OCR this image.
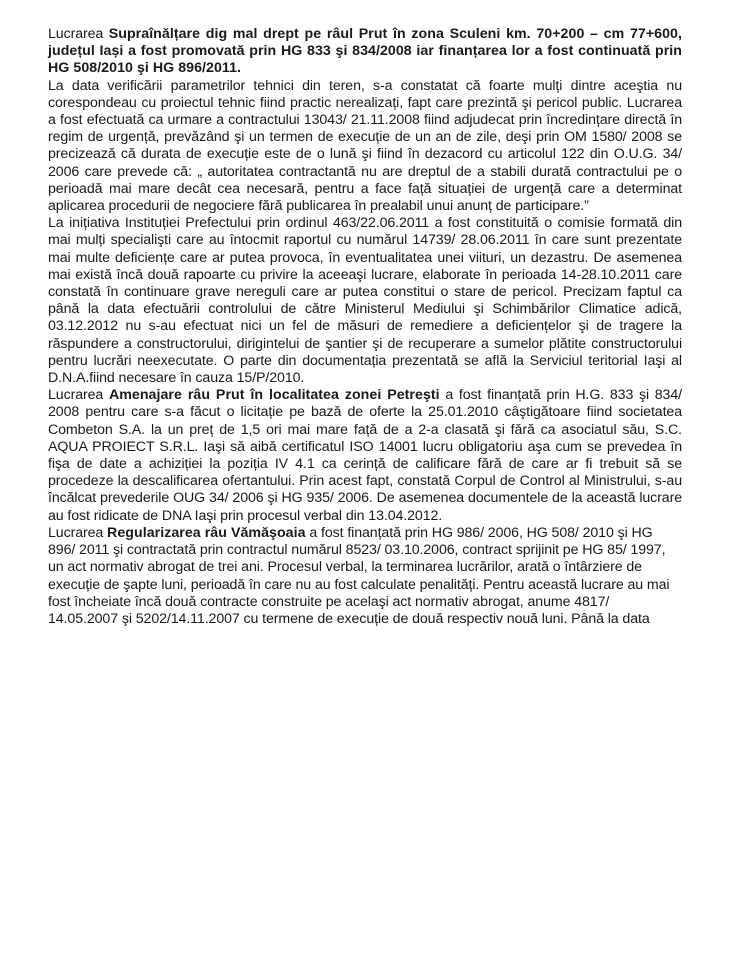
Lucrarea Supraînălțare dig mal drept pe râul Prut în zona Sculeni km. 70+200 – cm 77+600, județul Iași a fost promovată prin HG 833 şi 834/2008 iar finanțarea lor a fost continuată prin HG 508/2010 şi HG 896/2011.

La data verificării parametrilor tehnici din teren, s-a constatat că foarte mulți dintre aceştia nu corespondeau cu proiectul tehnic fiind practic nerealizați, fapt care prezintă şi pericol public. Lucrarea a fost efectuată ca urmare a contractului 13043/ 21.11.2008 fiind adjudecat prin încredințare directă în regim de urgență, prevăzând şi un termen de execuție de un an de zile, deşi prin OM 1580/ 2008 se precizează că durata de execuție este de o lună şi fiind în dezacord cu articolul 122 din O.U.G. 34/ 2006 care prevede că: „ autoritatea contractantă nu are dreptul de a stabili durată contractului pe o perioadă mai mare decât cea necesară, pentru a face față situației de urgență care a determinat aplicarea procedurii de negociere fără publicarea în prealabil unui anunț de participare.”

La inițiativa Instituției Prefectului prin ordinul 463/22.06.2011 a fost constituită o comisie formată din mai mulți specialişti care au întocmit raportul cu numărul 14739/ 28.06.2011 în care sunt prezentate mai multe deficiențe care ar putea provoca, în eventualitatea unei viituri, un dezastru. De asemenea mai există încă două rapoarte cu privire la aceeaşi lucrare, elaborate în perioada 14-28.10.2011 care constată în continuare grave nereguli care ar putea constitui o stare de pericol. Precizam faptul ca până la data efectuării controlului de către Ministerul Mediului şi Schimbărilor Climatice adică, 03.12.2012 nu s-au efectuat nici un fel de măsuri de remediere a deficiențelor şi de tragere la răspundere a constructorului, dirigintelui de şantier şi de recuperare a sumelor plătite constructorului pentru lucrări neexecutate. O parte din documentația prezentată se află la Serviciul teritorial Iaşi al D.N.A.fiind necesare în cauza 15/P/2010.

Lucrarea Amenajare râu Prut în localitatea zonei Petreşti a fost finanțată prin H.G. 833 şi 834/ 2008 pentru care s-a făcut o licitație pe bază de oferte la 25.01.2010 câştigătoare fiind societatea Combeton S.A. la un preț de 1,5 ori mai mare față de a 2-a clasată şi fără ca asociatul său, S.C. AQUA PROIECT S.R.L. Iaşi să aibă certificatul ISO 14001 lucru obligatoriu aşa cum se prevedea în fişa de date a achiziției la poziția IV 4.1 ca cerință de calificare fără de care ar fi trebuit să se procedeze la descalificarea ofertantului. Prin acest fapt, constată Corpul de Control al Ministrului, s-au încălcat prevederile OUG 34/ 2006 şi HG 935/ 2006. De asemenea documentele de la această lucrare au fost ridicate de DNA Iaşi prin procesul verbal din 13.04.2012.

Lucrarea Regularizarea râu Vămăşoaia a fost finanțată prin HG 986/ 2006, HG 508/ 2010 şi HG 896/ 2011 şi contractată prin contractul numărul 8523/ 03.10.2006, contract sprijinit pe HG 85/ 1997, un act normativ abrogat de trei ani. Procesul verbal, la terminarea lucrărilor, arată o întârziere de execuție de şapte luni, perioadă în care nu au fost calculate penalități. Pentru această lucrare au mai fost încheiate încă două contracte construite pe acelaşi act normativ abrogat, anume 4817/ 14.05.2007 şi 5202/14.11.2007 cu termene de execuție de două respectiv nouă luni. Până la data
